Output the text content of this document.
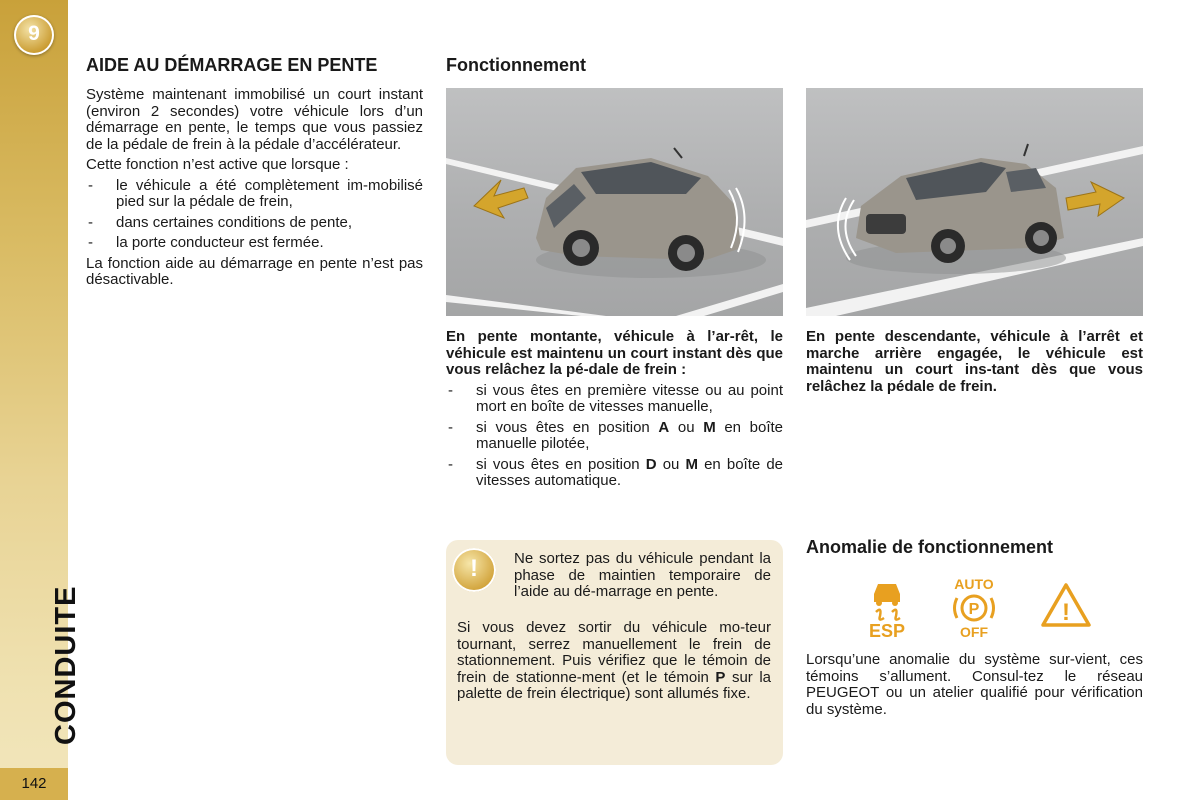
9
CONDUITE
142
AIDE AU DÉMARRAGE EN PENTE

Système maintenant immobilisé un court instant (environ 2 secondes) votre véhicule lors d’un démarrage en pente, le temps que vous passiez de la pédale de frein à la pédale d’accélérateur.

Cette fonction n’est active que lorsque :

- le véhicule a été complètement im-mobilisé pied sur la pédale de frein,
- dans certaines conditions de pente,
- la porte conducteur est fermée.

La fonction aide au démarrage en pente n’est pas désactivable.

Fonctionnement

En pente montante, véhicule à l’ar-rêt, le véhicule est maintenu un court instant dès que vous relâchez la pé-dale de frein :

- si vous êtes en première vitesse ou au point mort en boîte de vitesses manuelle,
- si vous êtes en position A ou M en boîte manuelle pilotée,
- si vous êtes en position D ou M en boîte de vitesses automatique.

En pente descendante, véhicule à l’arrêt et marche arrière engagée, le véhicule est maintenu un court ins-tant dès que vous relâchez la pédale de frein.

!	Ne sortez pas du véhicule pendant la phase de maintien temporaire de l’aide au dé-marrage en pente.

Si vous devez sortir du véhicule mo-teur tournant, serrez manuellement le frein de stationnement. Puis vérifiez que le témoin de frein de stationne-ment (et le témoin P sur la palette de frein électrique) sont allumés fixe.

Anomalie de fonctionnement
ESP
AUTO
P
OFF
!

Lorsqu’une anomalie du système sur-vient, ces témoins s’allument. Consul-tez le réseau PEUGEOT ou un atelier qualifié pour vérification du système.
